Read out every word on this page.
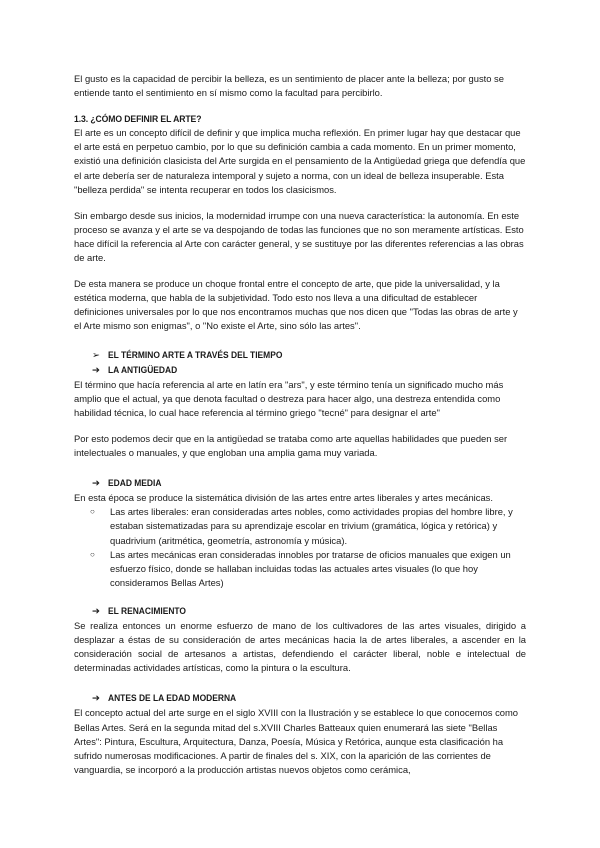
El gusto es la capacidad de percibir la belleza, es un sentimiento de placer ante la belleza; por gusto se entiende tanto el sentimiento en sí mismo como la facultad para percibirlo.

1.3. ¿CÓMO DEFINIR EL ARTE?

El arte es un concepto difícil de definir y que implica mucha reflexión. En primer lugar hay que destacar que el arte está en perpetuo cambio, por lo que su definición cambia a cada momento. En un primer momento, existió una definición clasicista del Arte surgida en el pensamiento de la Antigüedad griega que defendía que el arte debería ser de naturaleza intemporal y sujeto a norma, con un ideal de belleza insuperable. Esta "belleza perdida" se intenta recuperar en todos los clasicismos.

Sin embargo desde sus inicios, la modernidad irrumpe con una nueva característica: la autonomía. En este proceso se avanza y el arte se va despojando de todas las funciones que no son meramente artísticas. Esto hace difícil la referencia al Arte con carácter general, y se sustituye por las diferentes referencias a las obras de arte.

De esta manera se produce un choque frontal entre el concepto de arte, que pide la universalidad, y la estética moderna, que habla de la subjetividad. Todo esto nos lleva a una dificultad de establecer definiciones universales por lo que nos encontramos muchas que nos dicen que "Todas las obras de arte y el Arte mismo son enigmas", o "No existe el Arte, sino sólo las artes".

➢ EL TÉRMINO ARTE A TRAVÉS DEL TIEMPO
➔ LA ANTIGÜEDAD

El término que hacía referencia al arte en latín era "ars", y este término tenía un significado mucho más amplio que el actual, ya que denota facultad o destreza para hacer algo, una destreza entendida como habilidad técnica, lo cual hace referencia al término griego "tecné" para designar el arte"

Por esto podemos decir que en la antigüedad se trataba como arte aquellas habilidades que pueden ser intelectuales o manuales, y que engloban una amplia gama muy variada.

➔ EDAD MEDIA

En esta época se produce la sistemática división de las artes entre artes liberales y artes mecánicas.

○	Las artes liberales: eran consideradas artes nobles, como actividades propias del hombre libre, y estaban sistematizadas para su aprendizaje escolar en trivium (gramática, lógica y retórica) y quadrivium (aritmética, geometría, astronomía y música).
○	Las artes mecánicas eran consideradas innobles por tratarse de oficios manuales que exigen un esfuerzo físico, donde se hallaban incluidas todas las actuales artes visuales (lo que hoy consideramos Bellas Artes)
➔ EL RENACIMIENTO

Se realiza entonces un enorme esfuerzo de mano de los cultivadores de las artes visuales, dirigido a desplazar a éstas de su consideración de artes mecánicas hacia la de artes liberales, a ascender en la consideración social de artesanos a artistas, defendiendo el carácter liberal, noble e intelectual de determinadas actividades artísticas, como la pintura o la escultura.

➔ ANTES DE LA EDAD MODERNA

El concepto actual del arte surge en el siglo XVIII con la Ilustración y se establece lo que conocemos como Bellas Artes. Será en la segunda mitad del s.XVIII Charles Batteaux quien enumerará las siete "Bellas Artes": Pintura, Escultura, Arquitectura, Danza, Poesía, Música y Retórica, aunque esta clasificación ha sufrido numerosas modificaciones. A partir de finales del s. XIX, con la aparición de las corrientes de vanguardia, se incorporó a la producción artistas nuevos objetos como cerámica,
